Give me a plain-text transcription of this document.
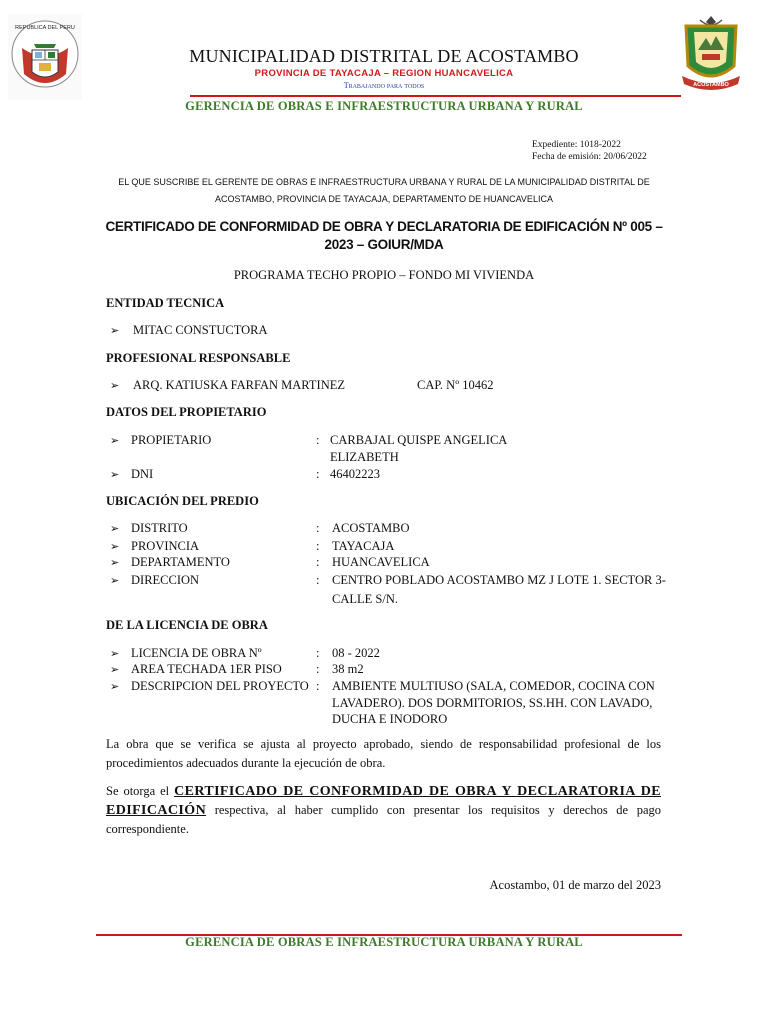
REPUBLICA DEL PERU
ACOSTAMBO
MUNICIPALIDAD DISTRITAL DE ACOSTAMBO
PROVINCIA DE TAYACAJA – REGION HUANCAVELICA
Trabajando para todos
GERENCIA DE OBRAS E INFRAESTRUCTURA URBANA Y RURAL
Expediente: 1018-2022
Fecha de emisión: 20/06/2022
EL QUE SUSCRIBE EL GERENTE DE OBRAS E INFRAESTRUCTURA URBANA Y RURAL DE LA MUNICIPALIDAD DISTRITAL DE ACOSTAMBO, PROVINCIA DE TAYACAJA, DEPARTAMENTO DE HUANCAVELICA
CERTIFICADO DE CONFORMIDAD DE OBRA Y DECLARATORIA DE EDIFICACIÓN Nº 005 – 2023 – GOIUR/MDA
PROGRAMA TECHO PROPIO – FONDO MI VIVIENDA
ENTIDAD TECNICA
➢ MITAC CONSTUCTORA
PROFESIONAL RESPONSABLE
➢ ARQ. KATIUSKA FARFAN MARTINEZ	CAP. Nº 10462
DATOS DEL PROPIETARIO
➢ PROPIETARIO	: CARBAJAL QUISPE ANGELICA
ELIZABETH
➢ DNI	: 46402223
UBICACIÓN DEL PREDIO
➢ DISTRITO	: ACOSTAMBO
➢ PROVINCIA	: TAYACAJA
➢ DEPARTAMENTO	: HUANCAVELICA
➢ DIRECCION	: CENTRO POBLADO ACOSTAMBO MZ J LOTE 1. SECTOR 3-
CALLE S/N.
DE LA LICENCIA DE OBRA
➢ LICENCIA DE OBRA Nº	: 08 - 2022
➢ AREA TECHADA 1ER PISO	: 38 m2
➢ DESCRIPCION DEL PROYECTO : AMBIENTE MULTIUSO (SALA, COMEDOR, COCINA CON
LAVADERO). DOS DORMITORIOS, SS.HH. CON LAVADO,
DUCHA E INODORO
La obra que se verifica se ajusta al proyecto aprobado, siendo de responsabilidad profesional de los procedimientos adecuados durante la ejecución de obra.
Se otorga el CERTIFICADO DE CONFORMIDAD DE OBRA Y DECLARATORIA DE EDIFICACIÓN respectiva, al haber cumplido con presentar los requisitos y derechos de pago correspondiente.
Acostambo, 01 de marzo del 2023
GERENCIA DE OBRAS E INFRAESTRUCTURA URBANA Y RURAL
